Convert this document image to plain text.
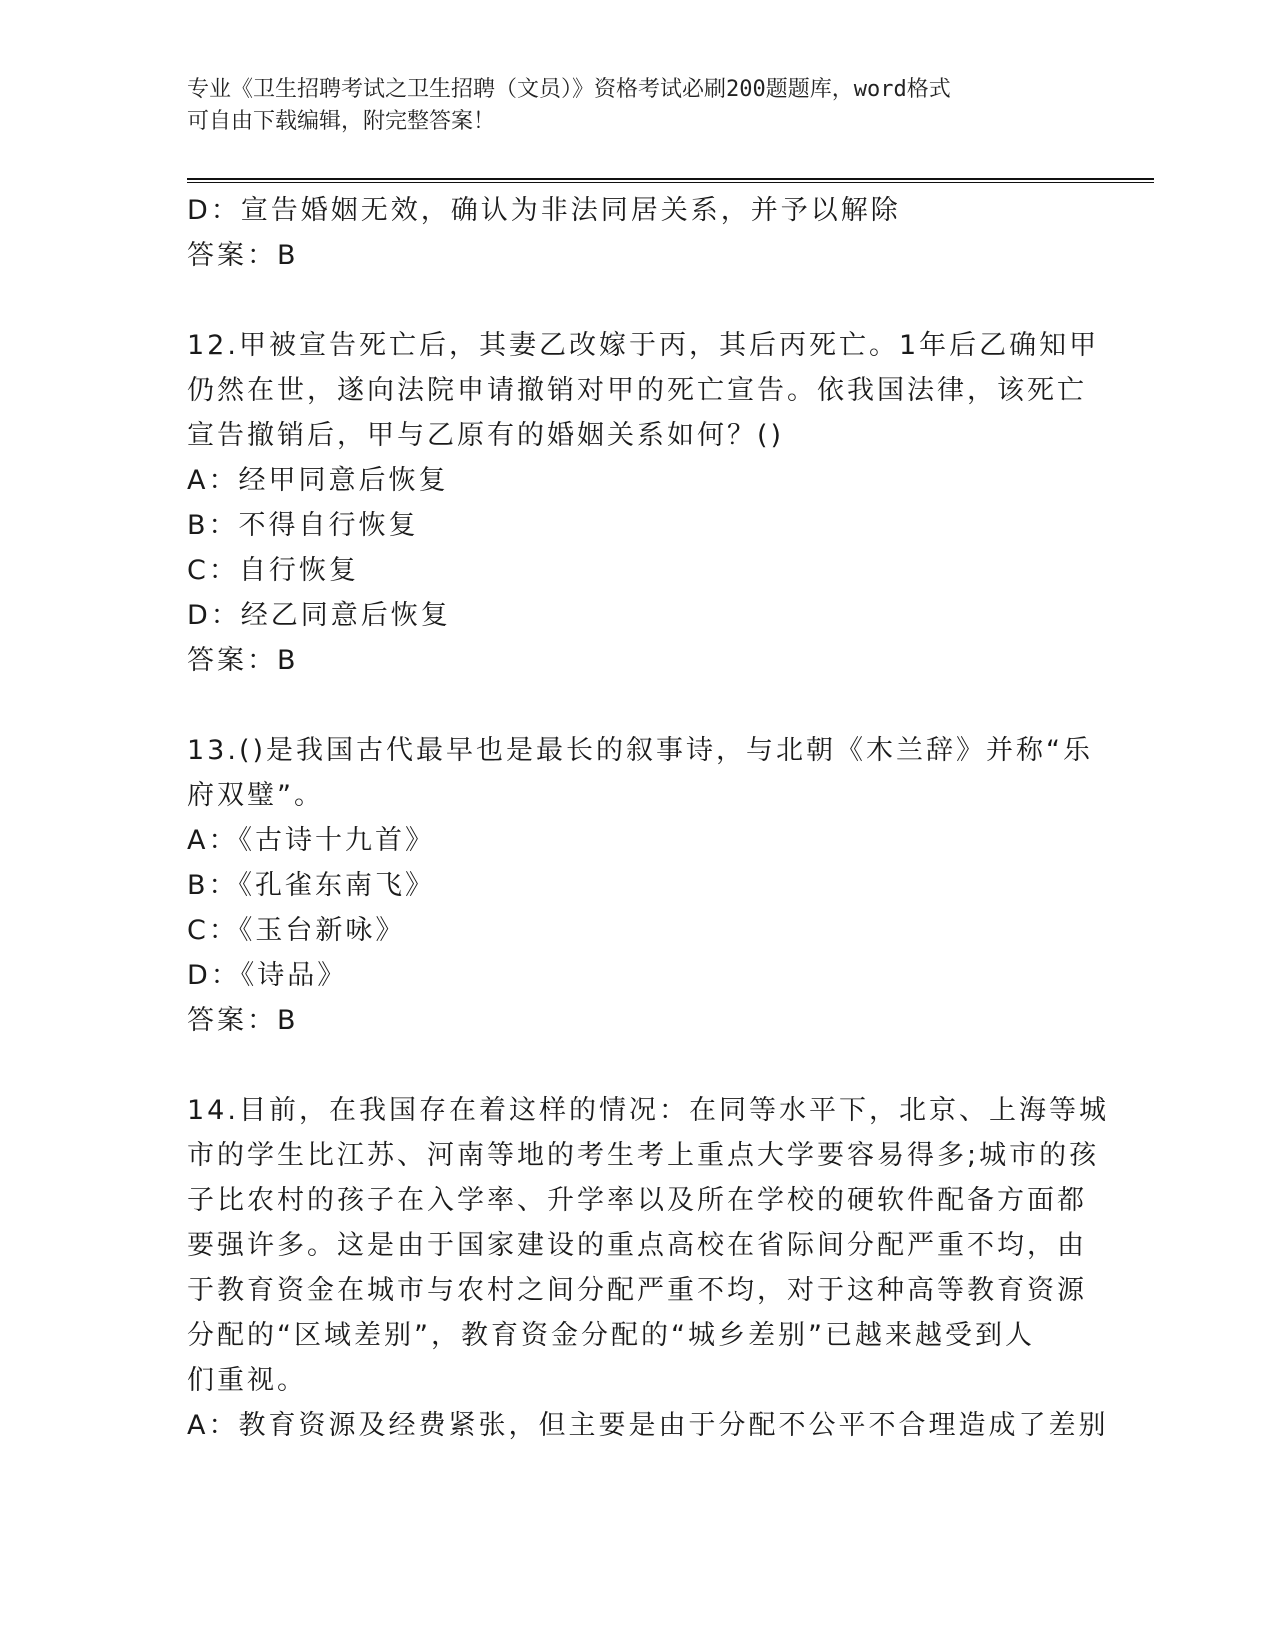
专业《卫生招聘考试之卫生招聘（文员）》资格考试必刷200题题库，word格式
可自由下载编辑，附完整答案！
D：宣告婚姻无效，确认为非法同居关系，并予以解除
答案：B
12.甲被宣告死亡后，其妻乙改嫁于丙，其后丙死亡。1年后乙确知甲
仍然在世，遂向法院申请撤销对甲的死亡宣告。依我国法律，该死亡
宣告撤销后，甲与乙原有的婚姻关系如何？()
A：经甲同意后恢复
B：不得自行恢复
C：自行恢复
D：经乙同意后恢复
答案：B
13.()是我国古代最早也是最长的叙事诗，与北朝《木兰辞》并称“乐
府双璧”。
A：《古诗十九首》
B：《孔雀东南飞》
C：《玉台新咏》
D：《诗品》
答案：B
14.目前，在我国存在着这样的情况：在同等水平下，北京、上海等城
市的学生比江苏、河南等地的考生考上重点大学要容易得多;城市的孩
子比农村的孩子在入学率、升学率以及所在学校的硬软件配备方面都
要强许多。这是由于国家建设的重点高校在省际间分配严重不均，由
于教育资金在城市与农村之间分配严重不均，对于这种高等教育资源
分配的“区域差别”，教育资金分配的“城乡差别”已越来越受到人
们重视。
A：教育资源及经费紧张，但主要是由于分配不公平不合理造成了差别
